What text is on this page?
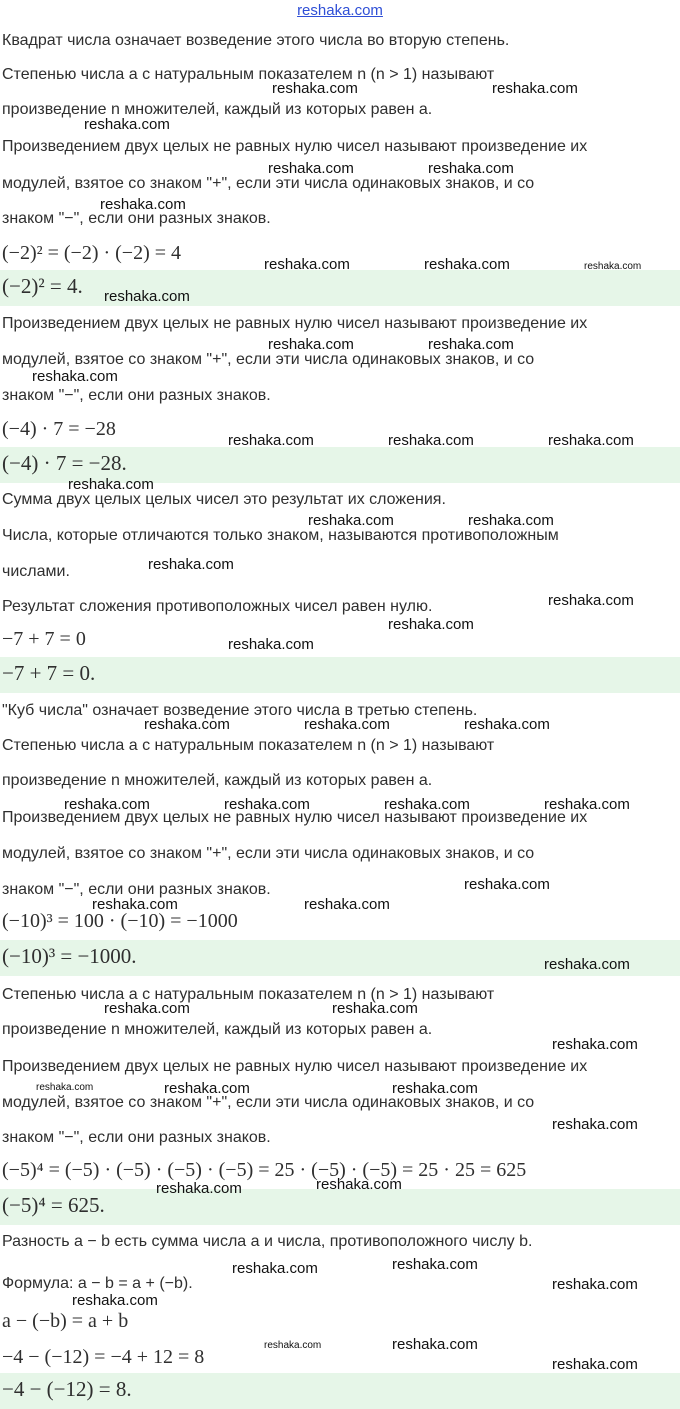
reshaka.com
Квадрат числа означает возведение этого числа во вторую степень.
Степенью числа a с натуральным показателем n (n > 1) называют
произведение n множителей, каждый из которых равен a.
Произведением двух целых не равных нулю чисел называют произведение их
модулей, взятое со знаком "+", если эти числа одинаковых знаков, и со
знаком "−", если они разных знаков.
(−2)² = (−2) · (−2) = 4
(−2)² = 4.
Произведением двух целых не равных нулю чисел называют произведение их
модулей, взятое со знаком "+", если эти числа одинаковых знаков, и со
знаком "−", если они разных знаков.
(−4) · 7 = −28
(−4) · 7 = −28.
Сумма двух целых целых чисел это результат их сложения.
Числа, которые отличаются только знаком, называются противоположным
числами.
Результат сложения противоположных чисел равен нулю.
−7 + 7 = 0
−7 + 7 = 0.
"Куб числа" означает возведение этого числа в третью степень.
Степенью числа a с натуральным показателем n (n > 1) называют
произведение n множителей, каждый из которых равен a.
Произведением двух целых не равных нулю чисел называют произведение их
модулей, взятое со знаком "+", если эти числа одинаковых знаков, и со
знаком "−", если они разных знаков.
(−10)³ = 100 · (−10) = −1000
(−10)³ = −1000.
Степенью числа a с натуральным показателем n (n > 1) называют
произведение n множителей, каждый из которых равен a.
Произведением двух целых не равных нулю чисел называют произведение их
модулей, взятое со знаком "+", если эти числа одинаковых знаков, и со
знаком "−", если они разных знаков.
(−5)⁴ = (−5) · (−5) · (−5) · (−5) = 25 · (−5) · (−5) = 25 · 25 = 625
(−5)⁴ = 625.
Разность a − b есть сумма числа a и числа, противоположного числу b.
Формула: a − b = a + (−b).
a − (−b) = a + b
−4 − (−12) = −4 + 12 = 8
−4 − (−12) = 8.
reshaka.com
reshaka.com
reshaka.com
reshaka.com	reshaka.com
reshaka.com
reshaka.com	reshaka.com	reshaka.com
reshaka.com
reshaka.com	reshaka.com
reshaka.com
reshaka.com	reshaka.com	reshaka.com
reshaka.com
reshaka.com	reshaka.com
reshaka.com
reshaka.com
reshaka.com
reshaka.com
reshaka.com	reshaka.com	reshaka.com
reshaka.com	reshaka.com	reshaka.com	reshaka.com
reshaka.com
reshaka.com	reshaka.com
reshaka.com
reshaka.com	reshaka.com
reshaka.com
reshaka.com	reshaka.com	reshaka.com
reshaka.com
reshaka.com
reshaka.com
reshaka.com
reshaka.com
reshaka.com
reshaka.com
reshaka.com	reshaka.com
reshaka.com
